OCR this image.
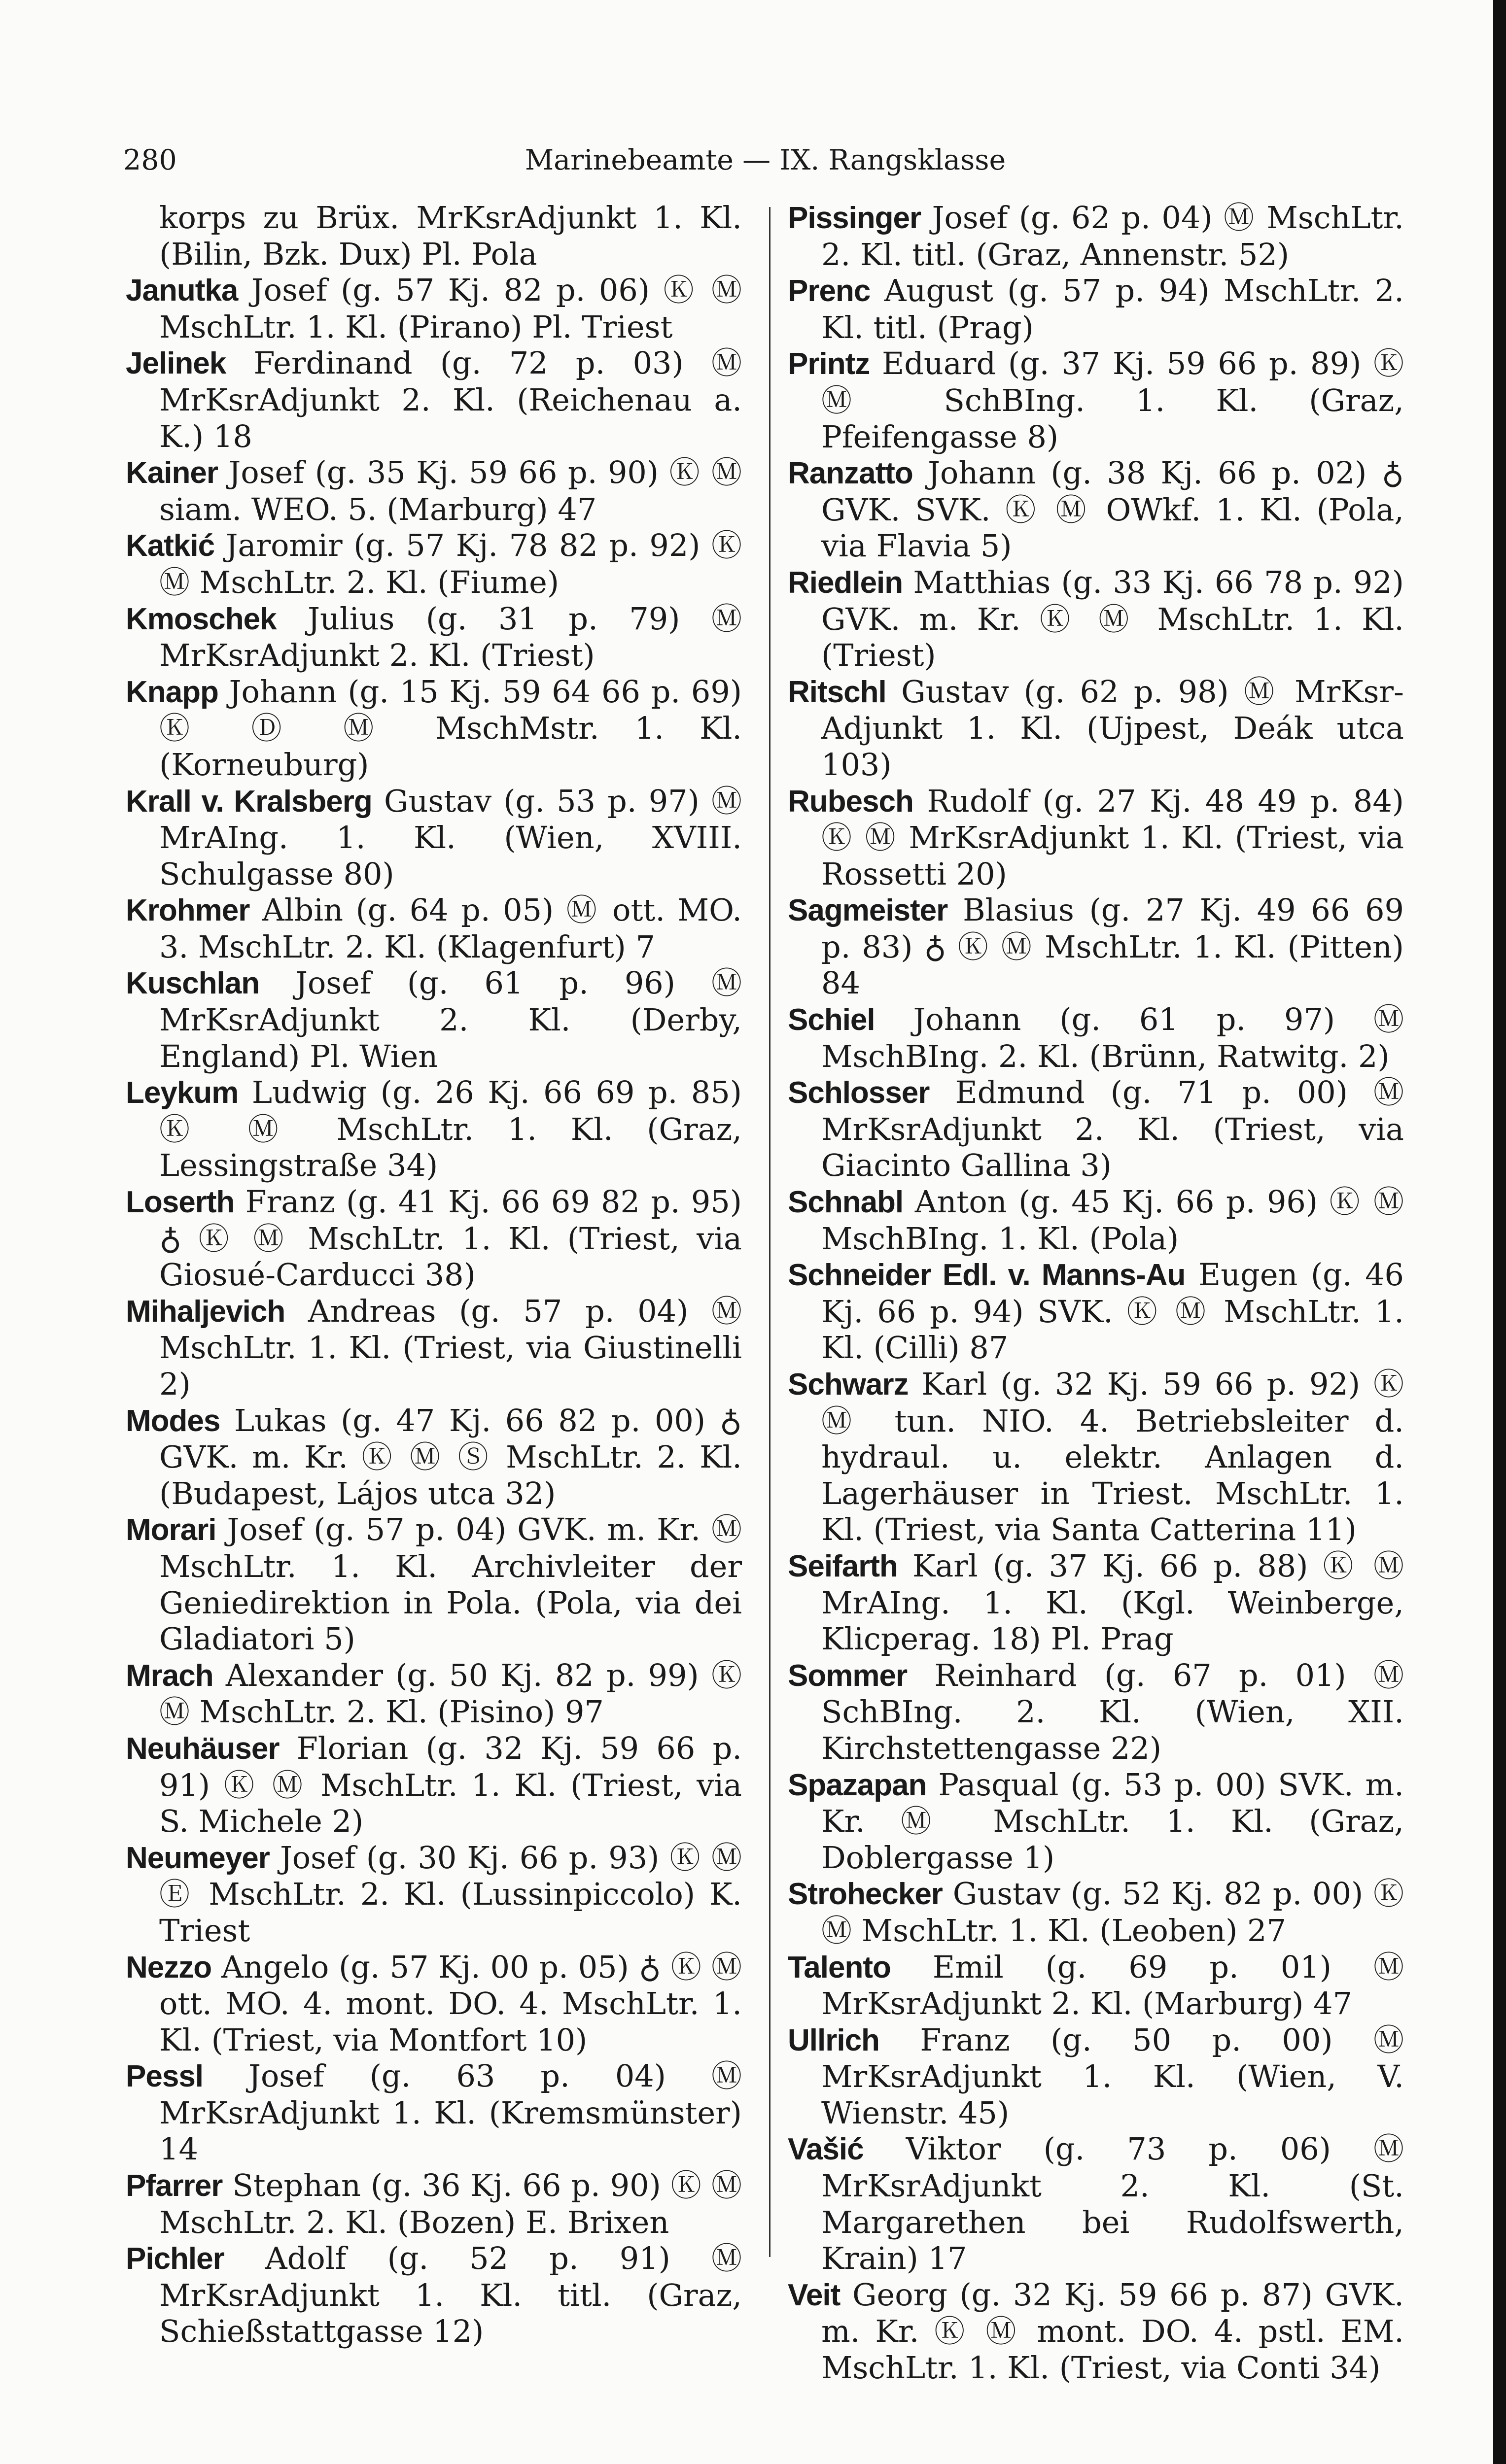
280	Marinebeamte — IX. Rangsklasse

korps zu Brüx. MrKsrAdjunkt 1. Kl. (Bilin, Bzk. Dux) Pl. Pola

Janutka Josef (g. 57 Kj. 82 p. 06) Ⓚ Ⓜ MschLtr. 1. Kl. (Pirano) Pl. Triest

Jelinek Ferdinand (g. 72 p. 03) Ⓜ MrKsrAdjunkt 2. Kl. (Reichenau a. K.) 18

Kainer Josef (g. 35 Kj. 59 66 p. 90) Ⓚ Ⓜ siam. WEO. 5. (Marburg) 47

Katkić Jaromir (g. 57 Kj. 78 82 p. 92) Ⓚ Ⓜ MschLtr. 2. Kl. (Fiume)

Kmoschek Julius (g. 31 p. 79) Ⓜ MrKsrAdjunkt 2. Kl. (Triest)

Knapp Johann (g. 15 Kj. 59 64 66 p. 69) Ⓚ Ⓓ Ⓜ MschMstr. 1. Kl. (Korneuburg)

Krall v. Kralsberg Gustav (g. 53 p. 97) Ⓜ MrAIng. 1. Kl. (Wien, XVIII. Schulgasse 80)

Krohmer Albin (g. 64 p. 05) Ⓜ ott. MO. 3. MschLtr. 2. Kl. (Klagenfurt) 7

Kuschlan Josef (g. 61 p. 96) Ⓜ MrKsrAdjunkt 2. Kl. (Derby, England) Pl. Wien

Leykum Ludwig (g. 26 Kj. 66 69 p. 85) Ⓚ Ⓜ MschLtr. 1. Kl. (Graz, Lessingstraße 34)

Loserth Franz (g. 41 Kj. 66 69 82 p. 95) ♁ Ⓚ Ⓜ MschLtr. 1. Kl. (Triest, via Giosué-Carducci 38)

Mihaljevich Andreas (g. 57 p. 04) Ⓜ MschLtr. 1. Kl. (Triest, via Giustinelli 2)

Modes Lukas (g. 47 Kj. 66 82 p. 00) ♁ GVK. m. Kr. Ⓚ Ⓜ Ⓢ MschLtr. 2. Kl. (Budapest, Lájos utca 32)

Morari Josef (g. 57 p. 04) GVK. m. Kr. Ⓜ MschLtr. 1. Kl. Archivleiter der Geniedirektion in Pola. (Pola, via dei Gladiatori 5)

Mrach Alexander (g. 50 Kj. 82 p. 99) Ⓚ Ⓜ MschLtr. 2. Kl. (Pisino) 97

Neuhäuser Florian (g. 32 Kj. 59 66 p. 91) Ⓚ Ⓜ MschLtr. 1. Kl. (Triest, via S. Michele 2)

Neumeyer Josef (g. 30 Kj. 66 p. 93) Ⓚ Ⓜ Ⓔ MschLtr. 2. Kl. (Lussinpiccolo) K. Triest

Nezzo Angelo (g. 57 Kj. 00 p. 05) ♁ Ⓚ Ⓜ ott. MO. 4. mont. DO. 4. MschLtr. 1. Kl. (Triest, via Montfort 10)

Pessl Josef (g. 63 p. 04) Ⓜ MrKsrAdjunkt 1. Kl. (Kremsmünster) 14

Pfarrer Stephan (g. 36 Kj. 66 p. 90) Ⓚ Ⓜ MschLtr. 2. Kl. (Bozen) E. Brixen

Pichler Adolf (g. 52 p. 91) Ⓜ MrKsrAdjunkt 1. Kl. titl. (Graz, Schießstattgasse 12)

Pissinger Josef (g. 62 p. 04) Ⓜ MschLtr. 2. Kl. titl. (Graz, Annenstr. 52)

Prenc August (g. 57 p. 94) MschLtr. 2. Kl. titl. (Prag)

Printz Eduard (g. 37 Kj. 59 66 p. 89) Ⓚ Ⓜ SchBIng. 1. Kl. (Graz, Pfeifengasse 8)

Ranzatto Johann (g. 38 Kj. 66 p. 02) ♁ GVK. SVK. Ⓚ Ⓜ OWkf. 1. Kl. (Pola, via Flavia 5)

Riedlein Matthias (g. 33 Kj. 66 78 p. 92) GVK. m. Kr. Ⓚ Ⓜ MschLtr. 1. Kl. (Triest)

Ritschl Gustav (g. 62 p. 98) Ⓜ MrKsr-Adjunkt 1. Kl. (Ujpest, Deák utca 103)

Rubesch Rudolf (g. 27 Kj. 48 49 p. 84) Ⓚ Ⓜ MrKsrAdjunkt 1. Kl. (Triest, via Rossetti 20)

Sagmeister Blasius (g. 27 Kj. 49 66 69 p. 83) ♁ Ⓚ Ⓜ MschLtr. 1. Kl. (Pitten) 84

Schiel Johann (g. 61 p. 97) Ⓜ MschBIng. 2. Kl. (Brünn, Ratwitg. 2)

Schlosser Edmund (g. 71 p. 00) Ⓜ MrKsrAdjunkt 2. Kl. (Triest, via Giacinto Gallina 3)

Schnabl Anton (g. 45 Kj. 66 p. 96) Ⓚ Ⓜ MschBIng. 1. Kl. (Pola)

Schneider Edl. v. Manns-Au Eugen (g. 46 Kj. 66 p. 94) SVK. Ⓚ Ⓜ MschLtr. 1. Kl. (Cilli) 87

Schwarz Karl (g. 32 Kj. 59 66 p. 92) Ⓚ Ⓜ tun. NIO. 4. Betriebsleiter d. hydraul. u. elektr. Anlagen d. Lagerhäuser in Triest. MschLtr. 1. Kl. (Triest, via Santa Catterina 11)

Seifarth Karl (g. 37 Kj. 66 p. 88) Ⓚ Ⓜ MrAIng. 1. Kl. (Kgl. Weinberge, Klicperag. 18) Pl. Prag

Sommer Reinhard (g. 67 p. 01) Ⓜ SchBIng. 2. Kl. (Wien, XII. Kirchstettengasse 22)

Spazapan Pasqual (g. 53 p. 00) SVK. m. Kr. Ⓜ MschLtr. 1. Kl. (Graz, Doblergasse 1)

Strohecker Gustav (g. 52 Kj. 82 p. 00) Ⓚ Ⓜ MschLtr. 1. Kl. (Leoben) 27

Talento Emil (g. 69 p. 01) Ⓜ MrKsrAdjunkt 2. Kl. (Marburg) 47

Ullrich Franz (g. 50 p. 00) Ⓜ MrKsrAdjunkt 1. Kl. (Wien, V. Wienstr. 45)

Vašić Viktor (g. 73 p. 06) Ⓜ MrKsrAdjunkt 2. Kl. (St. Margarethen bei Rudolfswerth, Krain) 17

Veit Georg (g. 32 Kj. 59 66 p. 87) GVK. m. Kr. Ⓚ Ⓜ mont. DO. 4. pstl. EM. MschLtr. 1. Kl. (Triest, via Conti 34)
